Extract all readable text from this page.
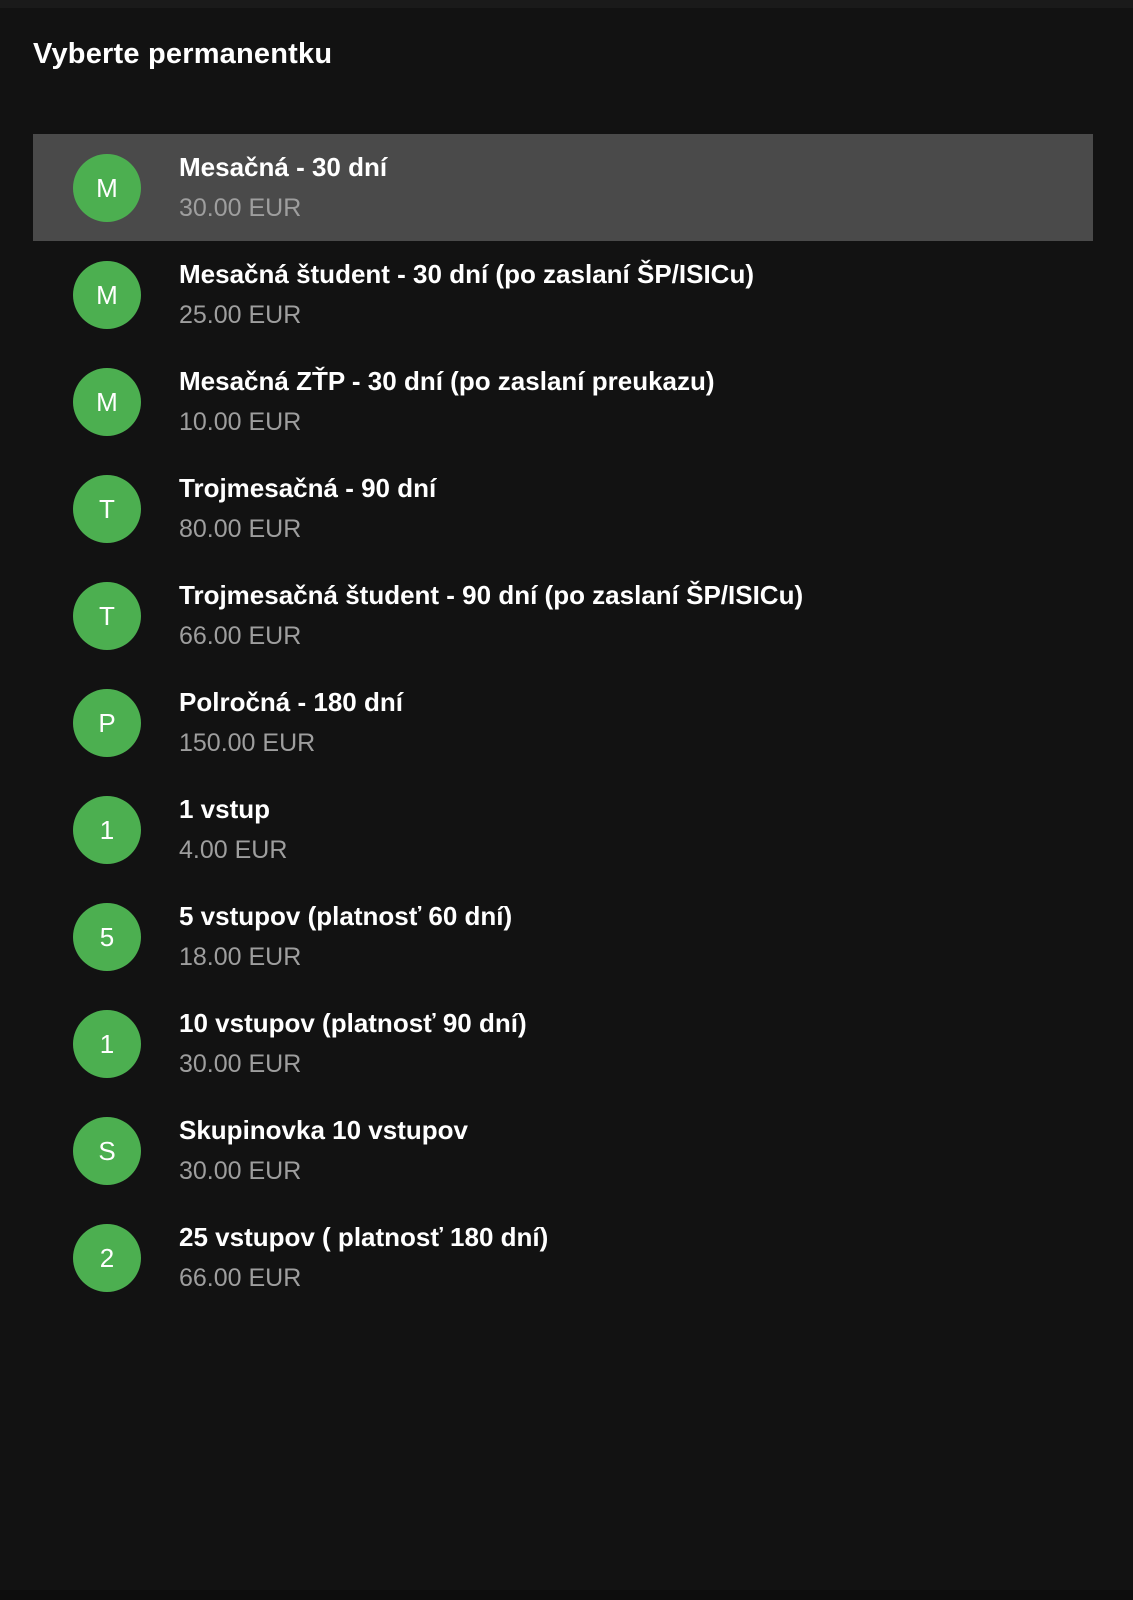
Vyberte permanentku
M
Mesačná - 30 dní
30.00 EUR
M
Mesačná študent - 30 dní (po zaslaní ŠP/ISICu)
25.00 EUR
M
Mesačná ZŤP - 30 dní (po zaslaní preukazu)
10.00 EUR
T
Trojmesačná - 90 dní
80.00 EUR
T
Trojmesačná študent - 90 dní (po zaslaní ŠP/ISICu)
66.00 EUR
P
Polročná - 180 dní
150.00 EUR
1
1 vstup
4.00 EUR
5
5 vstupov (platnosť 60 dní)
18.00 EUR
1
10 vstupov (platnosť 90 dní)
30.00 EUR
S
Skupinovka 10 vstupov
30.00 EUR
2
25 vstupov ( platnosť 180 dní)
66.00 EUR
